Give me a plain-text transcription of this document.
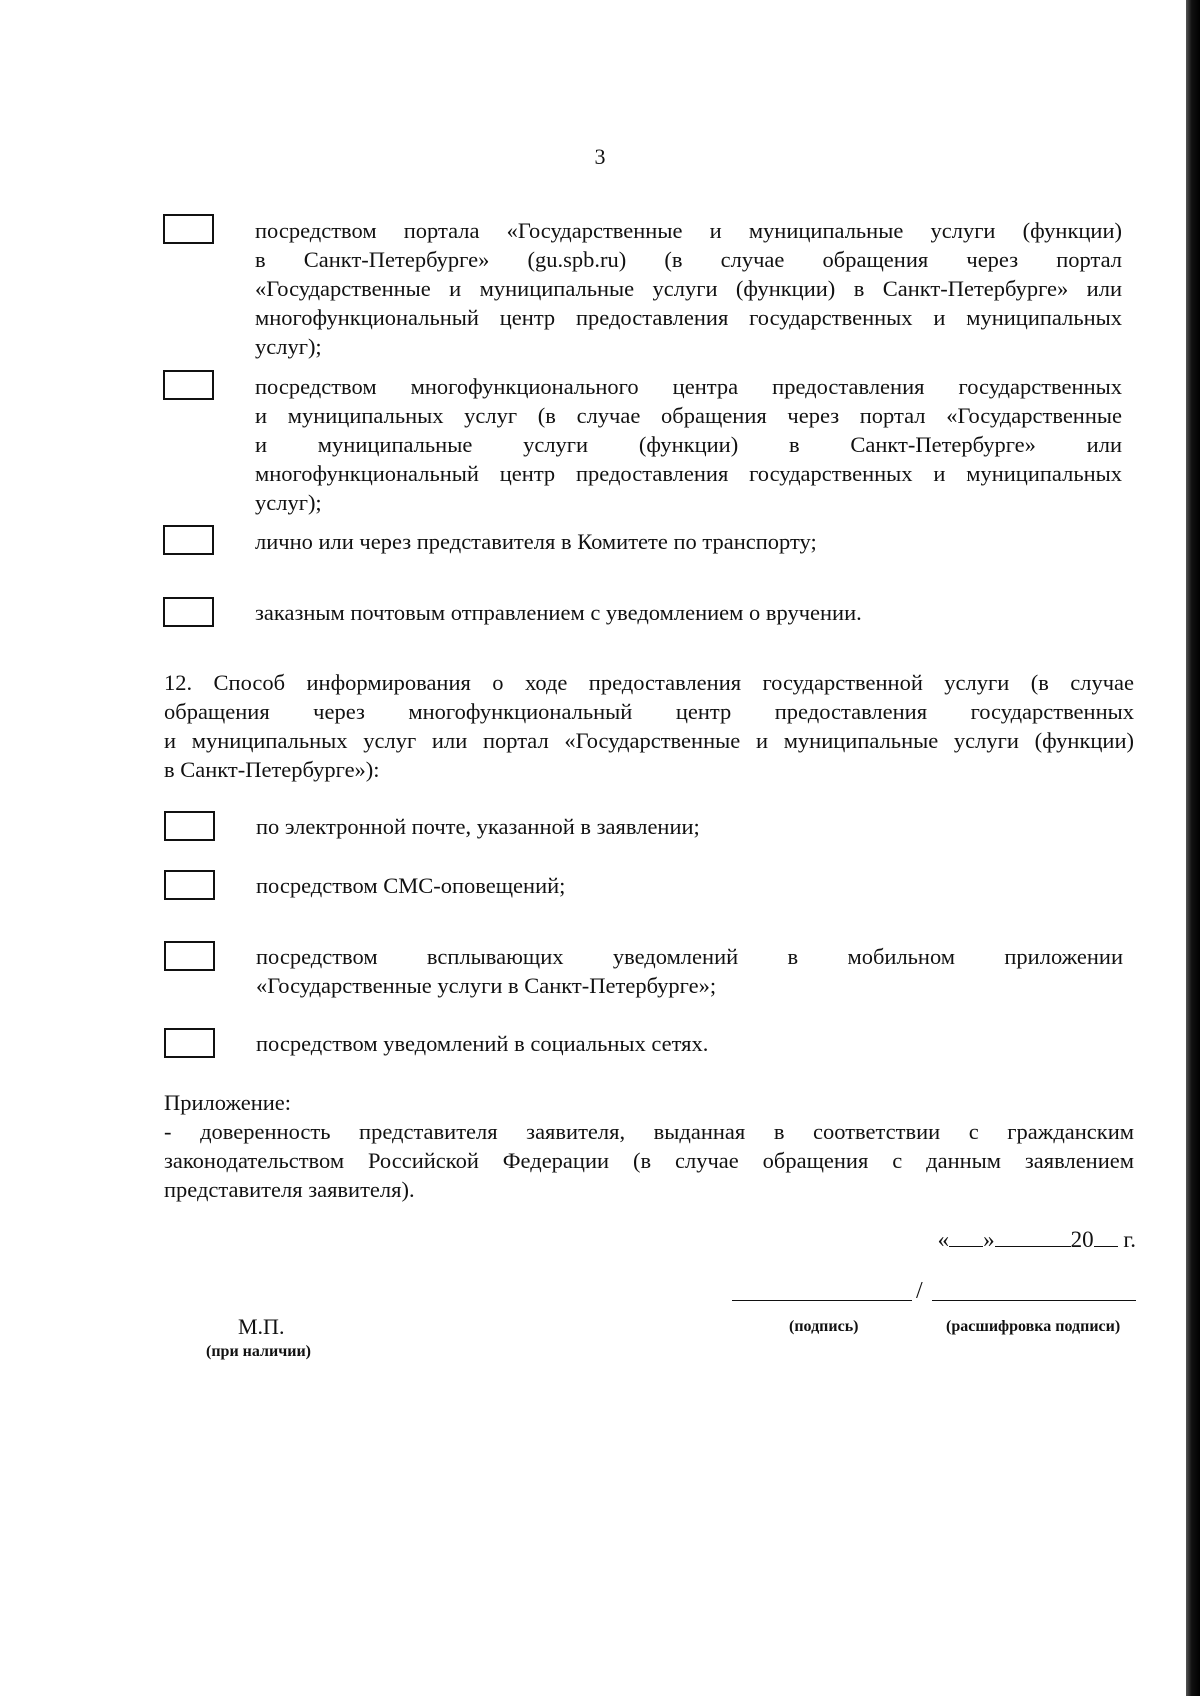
3
посредством портала «Государственные и муниципальные услуги (функции)
в Санкт-Петербурге» (gu.spb.ru) (в случае обращения через портал
«Государственные и муниципальные услуги (функции) в Санкт-Петербурге» или
многофункциональный центр предоставления государственных и муниципальных
услуг);
посредством многофункционального центра предоставления государственных
и муниципальных услуг (в случае обращения через портал «Государственные
и муниципальные услуги (функции) в Санкт-Петербурге» или
многофункциональный центр предоставления государственных и муниципальных
услуг);
лично или через представителя в Комитете по транспорту;
заказным почтовым отправлением с уведомлением о вручении.
12. Способ информирования о ходе предоставления государственной услуги (в случае
обращения через многофункциональный центр предоставления государственных
и муниципальных услуг или портал «Государственные и муниципальные услуги (функции)
в Санкт-Петербурге»):
по электронной почте, указанной в заявлении;
посредством СМС-оповещений;
посредством всплывающих уведомлений в мобильном приложении
«Государственные услуги в Санкт-Петербурге»;
посредством уведомлений в социальных сетях.
Приложение:
- доверенность представителя заявителя, выданная в соответствии с гражданским
законодательством Российской Федерации (в случае обращения с данным заявлением
представителя заявителя).
« »	20 г.
/
(подпись)	(расшифровка подписи)
М.П.
(при наличии)
